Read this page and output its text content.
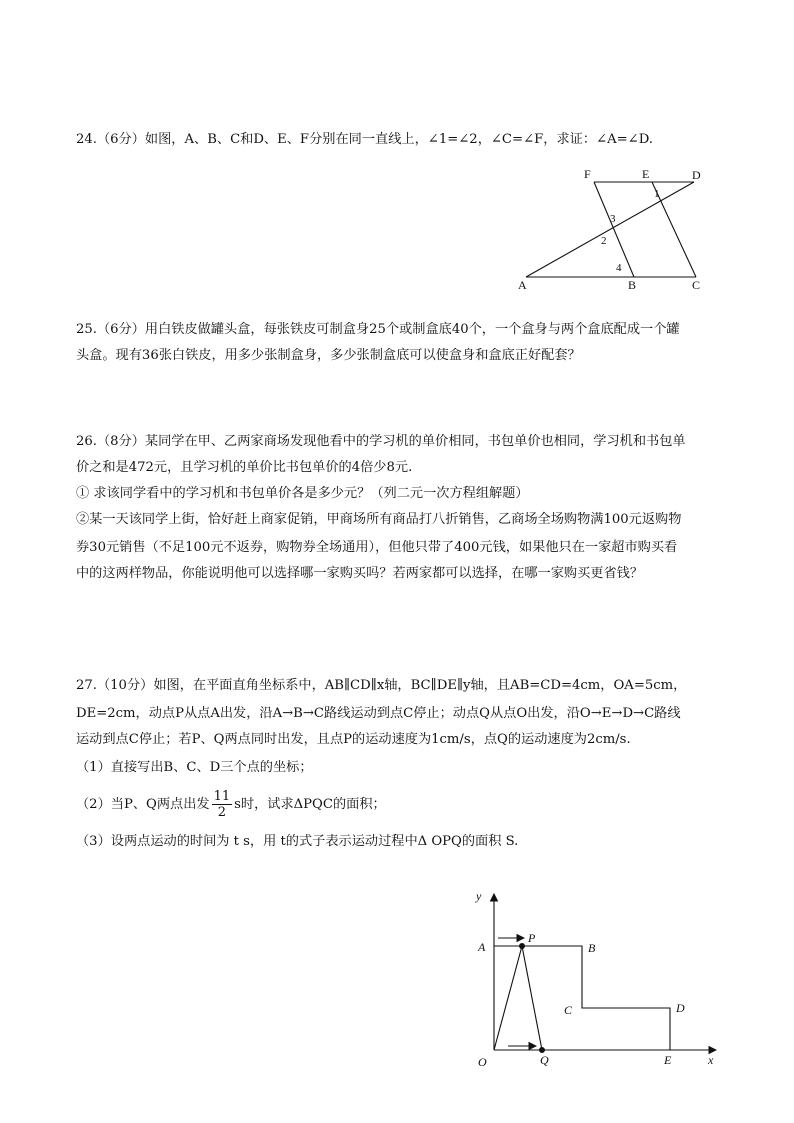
24.（6分）如图，A、B、C和D、E、F分别在同一直线上，∠1=∠2，∠C=∠F，求证：∠A=∠D.
F	E	D
A	B	C
1
3
2
4
25.（6分）用白铁皮做罐头盒，每张铁皮可制盒身25个或制盒底40个，一个盒身与两个盒底配成一个罐
头盒。现有36张白铁皮，用多少张制盒身，多少张制盒底可以使盒身和盒底正好配套？
26.（8分）某同学在甲、乙两家商场发现他看中的学习机的单价相同，书包单价也相同，学习机和书包单
价之和是472元，且学习机的单价比书包单价的4倍少8元.
① 求该同学看中的学习机和书包单价各是多少元？（列二元一次方程组解题）
②某一天该同学上街，恰好赶上商家促销，甲商场所有商品打八折销售，乙商场全场购物满100元返购物
券30元销售（不足100元不返券，购物券全场通用），但他只带了400元钱，如果他只在一家超市购买看
中的这两样物品，你能说明他可以选择哪一家购买吗？若两家都可以选择，在哪一家购买更省钱？
27.（10分）如图，在平面直角坐标系中，AB∥CD∥x轴，BC∥DE∥y轴，且AB=CD=4cm，OA=5cm，
DE=2cm，动点P从点A出发，沿A→B→C路线运动到点C停止；动点Q从点O出发，沿O→E→D→C路线
运动到点C停止；若P、Q两点同时出发，且点P的运动速度为1cm/s，点Q的运动速度为2cm/s.
（1）直接写出B、C、D三个点的坐标；
（2）当P、Q两点出发 $\frac{11}{2}$ s时，试求ΔPQC的面积；
（3）设两点运动的时间为 t s，用 t的式子表示运动过程中Δ OPQ的面积 S.
y
x
O
A
P
B
C	D
E
Q
